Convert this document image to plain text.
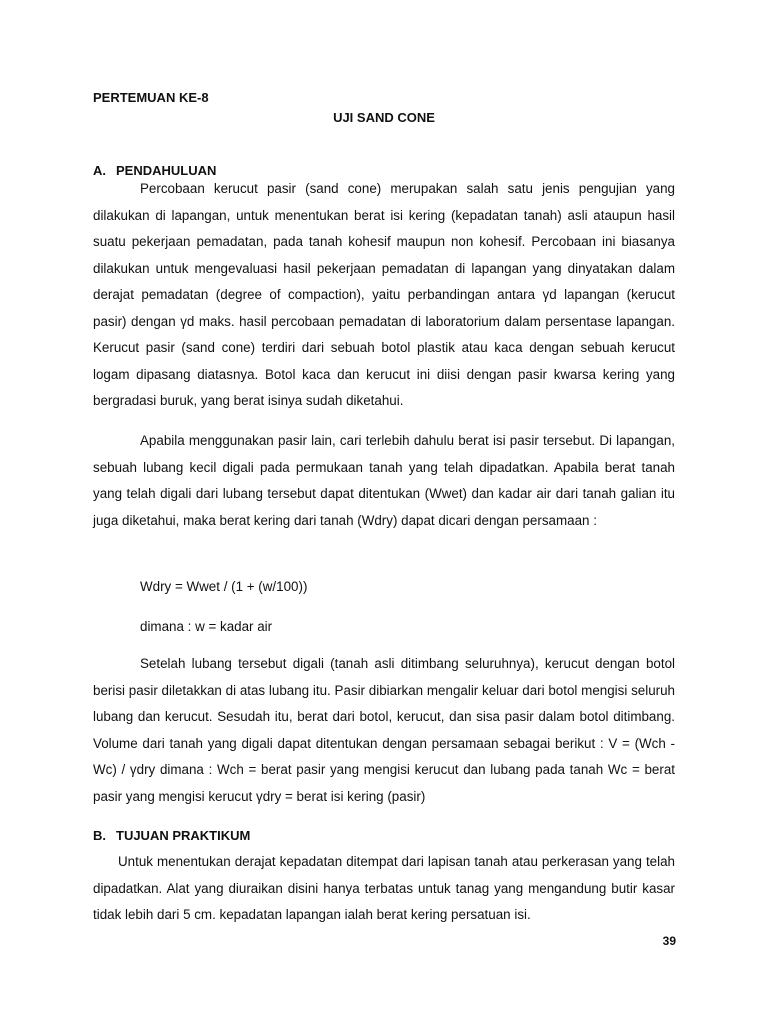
PERTEMUAN KE-8

UJI SAND CONE

A. PENDAHULUAN

Percobaan kerucut pasir (sand cone) merupakan salah satu jenis pengujian yang dilakukan di lapangan, untuk menentukan berat isi kering (kepadatan tanah) asli ataupun hasil suatu pekerjaan pemadatan, pada tanah kohesif maupun non kohesif. Percobaan ini biasanya dilakukan untuk mengevaluasi hasil pekerjaan pemadatan di lapangan yang dinyatakan dalam derajat pemadatan (degree of compaction), yaitu perbandingan antara γd lapangan (kerucut pasir) dengan γd maks. hasil percobaan pemadatan di laboratorium dalam persentase lapangan. Kerucut pasir (sand cone) terdiri dari sebuah botol plastik atau kaca dengan sebuah kerucut logam dipasang diatasnya. Botol kaca dan kerucut ini diisi dengan pasir kwarsa kering yang bergradasi buruk, yang berat isinya sudah diketahui.

Apabila menggunakan pasir lain, cari terlebih dahulu berat isi pasir tersebut. Di lapangan, sebuah lubang kecil digali pada permukaan tanah yang telah dipadatkan. Apabila berat tanah yang telah digali dari lubang tersebut dapat ditentukan (Wwet) dan kadar air dari tanah galian itu juga diketahui, maka berat kering dari tanah (Wdry) dapat dicari dengan persamaan :

Wdry = Wwet / (1 + (w/100))

dimana : w = kadar air

Setelah lubang tersebut digali (tanah asli ditimbang seluruhnya), kerucut dengan botol berisi pasir diletakkan di atas lubang itu. Pasir dibiarkan mengalir keluar dari botol mengisi seluruh lubang dan kerucut. Sesudah itu, berat dari botol, kerucut, dan sisa pasir dalam botol ditimbang. Volume dari tanah yang digali dapat ditentukan dengan persamaan sebagai berikut : V = (Wch - Wc) / γdry dimana : Wch = berat pasir yang mengisi kerucut dan lubang pada tanah Wc = berat pasir yang mengisi kerucut γdry = berat isi kering (pasir)

B. TUJUAN PRAKTIKUM

Untuk menentukan derajat kepadatan ditempat dari lapisan tanah atau perkerasan yang telah dipadatkan. Alat yang diuraikan disini hanya terbatas untuk tanag yang mengandung butir kasar tidak lebih dari 5 cm. kepadatan lapangan ialah berat kering persatuan isi.

39
